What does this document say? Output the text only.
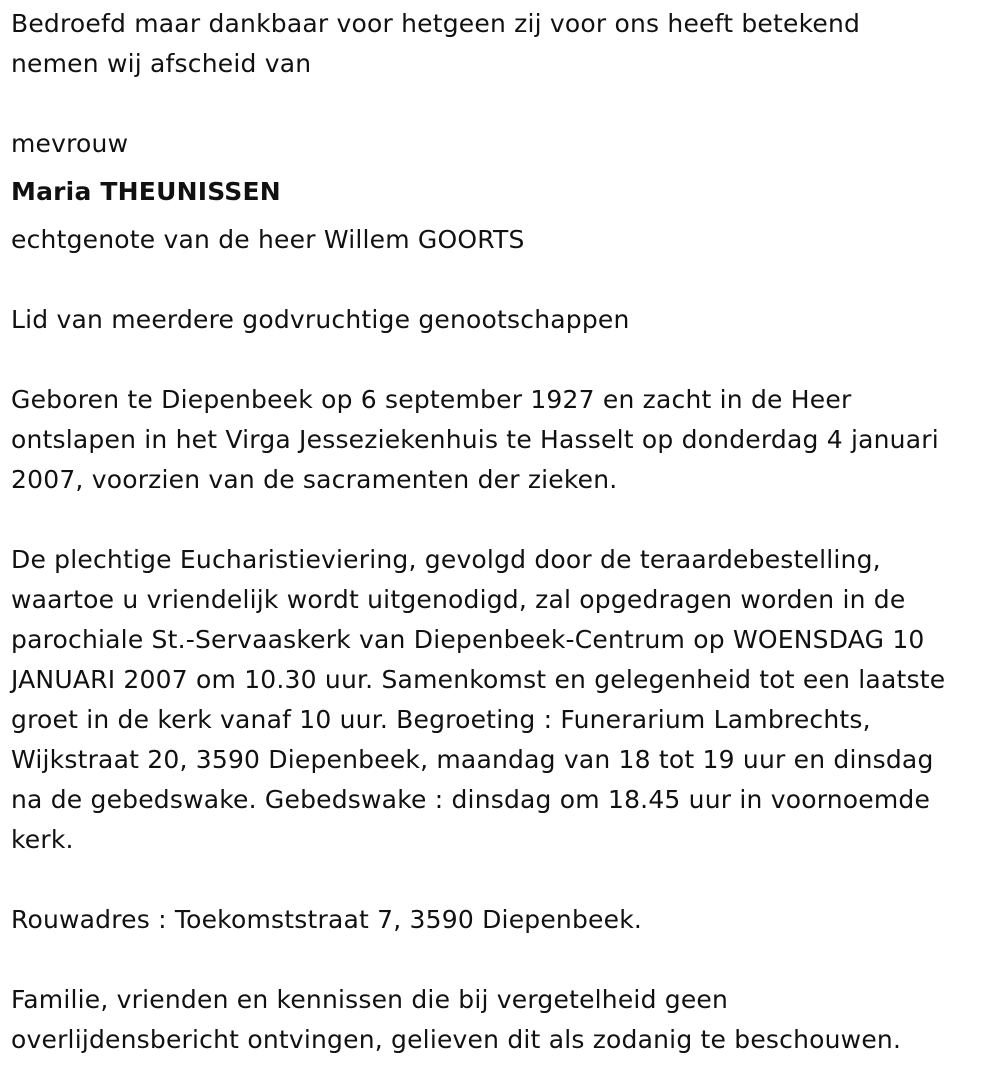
Bedroefd maar dankbaar voor hetgeen zij voor ons heeft betekend

nemen wij afscheid van

mevrouw

Maria THEUNISSEN

echtgenote van de heer Willem GOORTS

Lid van meerdere godvruchtige genootschappen

Geboren te Diepenbeek op 6 september 1927 en zacht in de Heer

ontslapen in het Virga Jesseziekenhuis te Hasselt op donderdag 4 januari

2007, voorzien van de sacramenten der zieken.

De plechtige Eucharistieviering, gevolgd door de teraardebestelling,

waartoe u vriendelijk wordt uitgenodigd, zal opgedragen worden in de

parochiale St.-Servaaskerk van Diepenbeek-Centrum op WOENSDAG 10

JANUARI 2007 om 10.30 uur. Samenkomst en gelegenheid tot een laatste

groet in de kerk vanaf 10 uur. Begroeting : Funerarium Lambrechts,

Wijkstraat 20, 3590 Diepenbeek, maandag van 18 tot 19 uur en dinsdag

na de gebedswake. Gebedswake : dinsdag om 18.45 uur in voornoemde

kerk.

Rouwadres : Toekomststraat 7, 3590 Diepenbeek.

Familie, vrienden en kennissen die bij vergetelheid geen

overlijdensbericht ontvingen, gelieven dit als zodanig te beschouwen.
